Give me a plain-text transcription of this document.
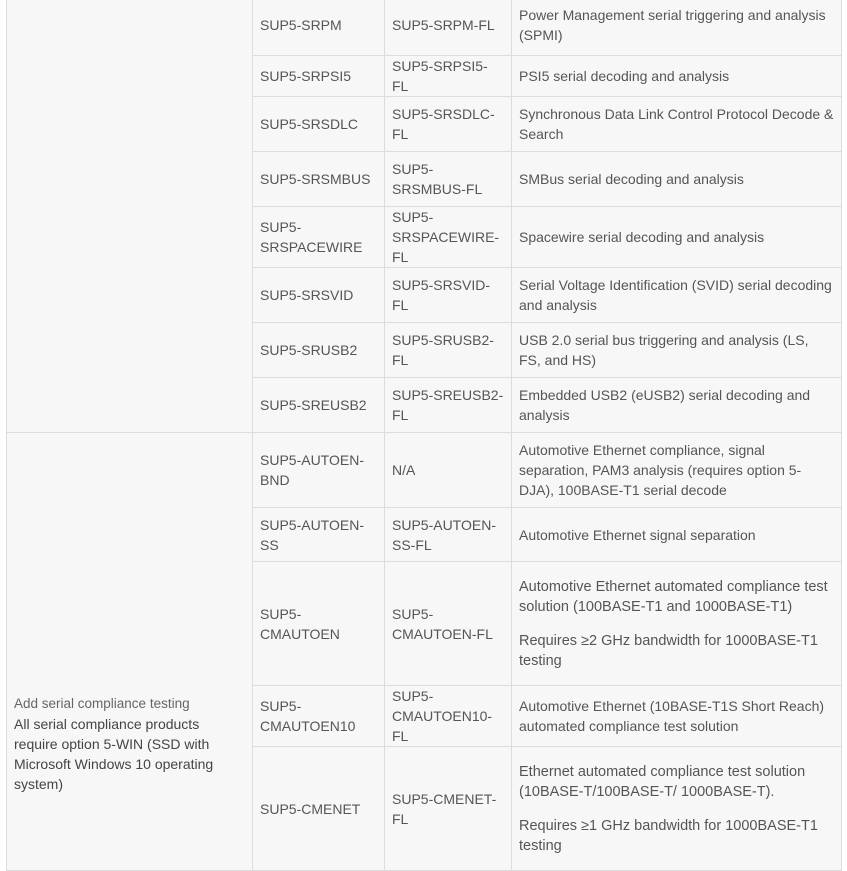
	SUP5-SRPM	SUP5-SRPM-FL	Power Management serial triggering and analysis (SPMI)
	SUP5-SRPSI5	SUP5-SRPSI5-FL	PSI5 serial decoding and analysis
	SUP5-SRSDLC	SUP5-SRSDLC-FL	Synchronous Data Link Control Protocol Decode & Search
	SUP5-SRSMBUS	SUP5-SRSMBUS-FL	SMBus serial decoding and analysis
	SUP5-SRSPACEWIRE	SUP5-SRSPACEWIRE-FL	Spacewire serial decoding and analysis
	SUP5-SRSVID	SUP5-SRSVID-FL	Serial Voltage Identification (SVID) serial decoding and analysis
	SUP5-SRUSB2	SUP5-SRUSB2-FL	USB 2.0 serial bus triggering and analysis (LS, FS, and HS)
	SUP5-SREUSB2	SUP5-SREUSB2-FL	Embedded USB2 (eUSB2) serial decoding and analysis

Add serial compliance testing
All serial compliance products require option 5-WIN (SSD with Microsoft Windows 10 operating system)	SUP5-AUTOEN-BND	N/A	Automotive Ethernet compliance, signal separation, PAM3 analysis (requires option 5-DJA), 100BASE-T1 serial decode
	SUP5-AUTOEN-SS	SUP5-AUTOEN-SS-FL	Automotive Ethernet signal separation
	SUP5-CMAUTOEN	SUP5-CMAUTOEN-FL	Automotive Ethernet automated compliance test solution (100BASE-T1 and 1000BASE-T1)
Requires ≥2 GHz bandwidth for 1000BASE-T1 testing
	SUP5-CMAUTOEN10	SUP5-CMAUTOEN10-FL	Automotive Ethernet (10BASE-T1S Short Reach) automated compliance test solution
	SUP5-CMENET	SUP5-CMENET-FL	Ethernet automated compliance test solution (10BASE-T/100BASE-T/ 1000BASE-T).
Requires ≥1 GHz bandwidth for 1000BASE-T1 testing
